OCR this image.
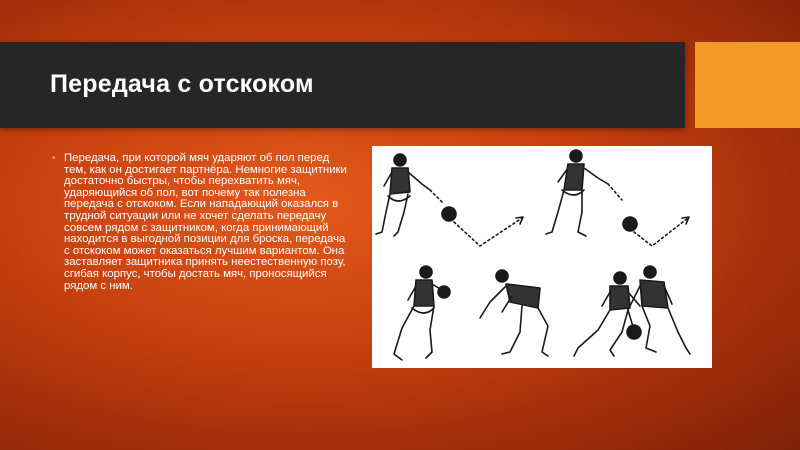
Передача с отскоком
• Передача, при которой мяч ударяют об пол перед тем, как он достигает партнёра. Немногие защитники достаточно быстры, чтобы перехватить мяч, ударяющийся об пол, вот почему так полезна передача с отскоком. Если нападающий оказался в трудной ситуации или не хочет сделать передачу совсем рядом с защитником, когда принимающий находится в выгодной позиции для броска, передача с отскоком может оказаться лучшим вариантом. Она заставляет защитника принять неестественную позу, сгибая корпус, чтобы достать мяч, проносящийся рядом с ним.
